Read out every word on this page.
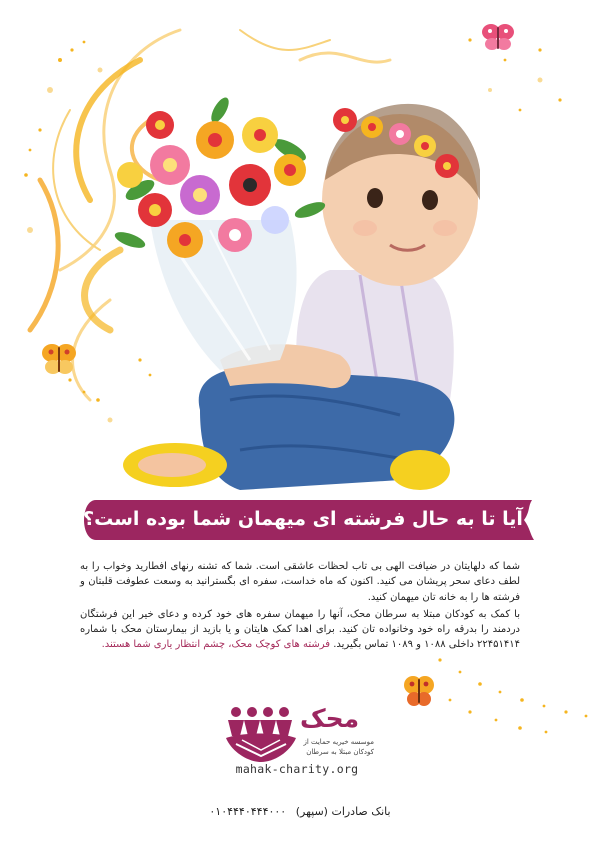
آیا تا به حال فرشته ای میهمان شما بوده است؟

شما که دلهایتان در ضیافت الهی بی تاب لحظات عاشقی است. شما که تشنه رنهای افطارید وخواب را به لطف دعای سحر پریشان می کنید. اکنون که ماه خداست، سفره ای بگسترانید به وسعت عطوفت قلبتان و فرشته ها را به خانه تان میهمان کنید.

با کمک به کودکان مبتلا به سرطان محک، آنها را میهمان سفره های خود کرده و دعای خیر این فرشتگان دردمند را بدرقه راه خود وخانواده تان کنید. برای اهدا کمک هایتان و یا بازید از بیمارستان محک با شماره ۲۲۴۵۱۴۱۴ داخلی ۱۰۸۸ و ۱۰۸۹ تماس بگیرید. فرشته های کوچک محک، چشم انتظار یاری شما هستند.

محک
موسسه خیریه حمایت از
کودکان مبتلا به سرطان
mahak-charity.org
بانک صادرات (سپهر) ۰۱۰۴۴۴۰۴۴۴۰۰۰
